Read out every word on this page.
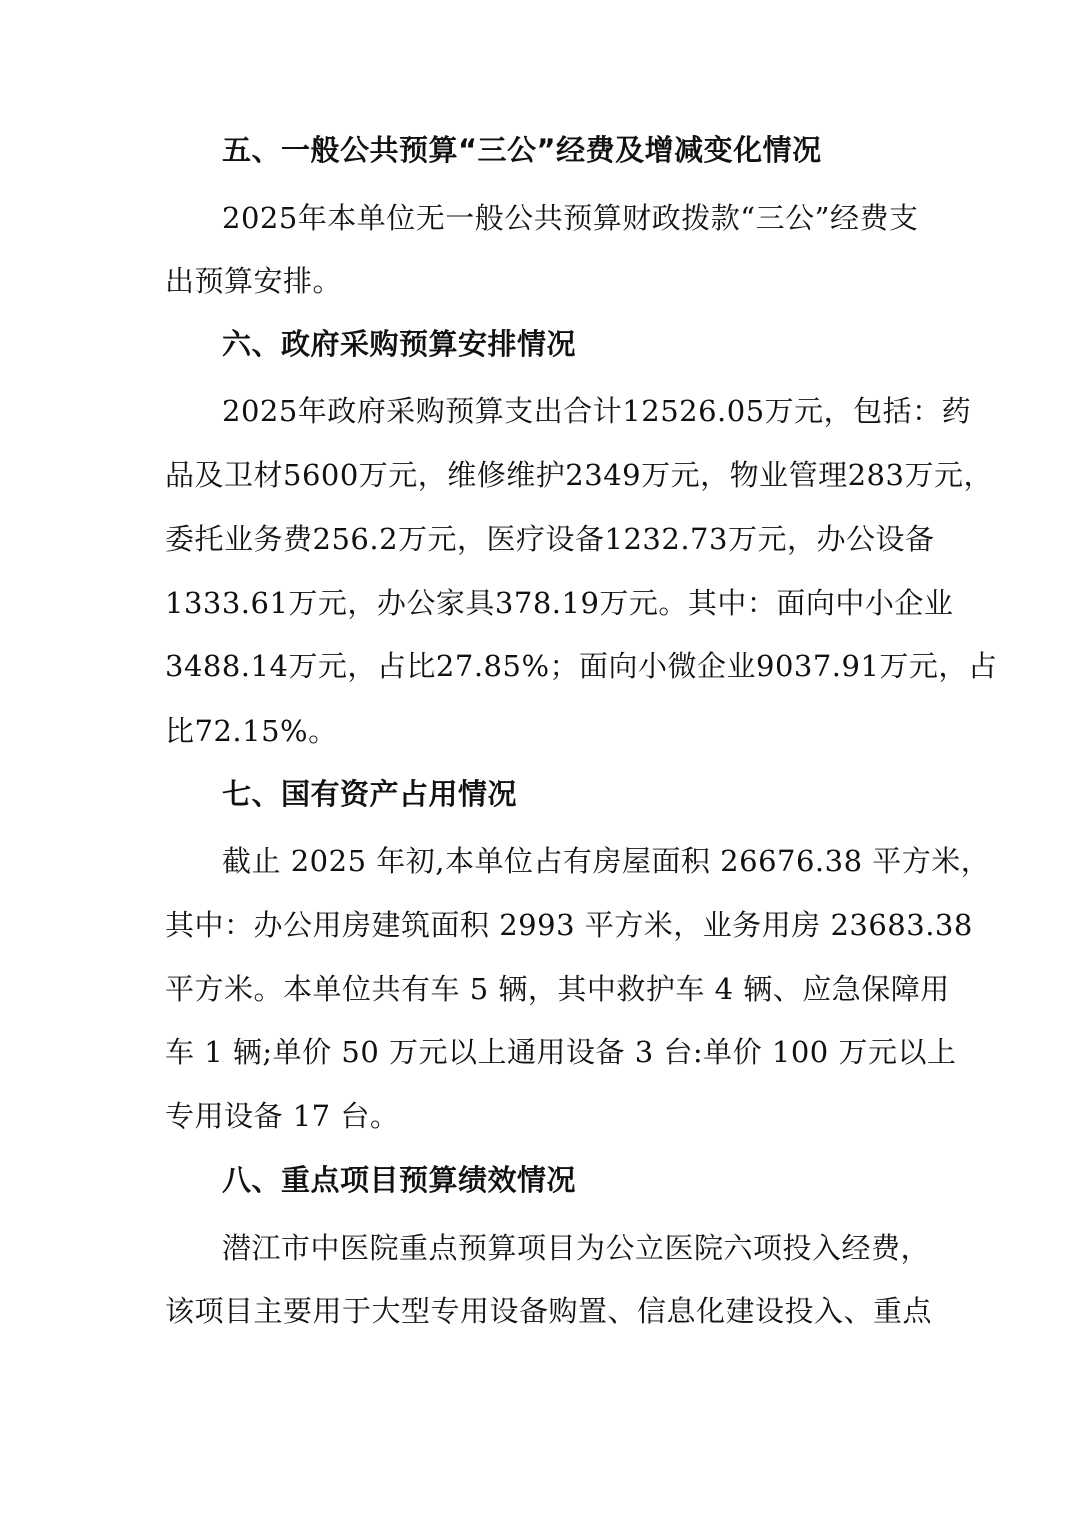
五、一般公共预算“三公”经费及增减变化情况
2025年本单位无一般公共预算财政拨款“三公”经费支
出预算安排。
六、政府采购预算安排情况
2025年政府采购预算支出合计12526.05万元，包括：药
品及卫材5600万元，维修维护2349万元，物业管理283万元，
委托业务费256.2万元，医疗设备1232.73万元，办公设备
1333.61万元，办公家具378.19万元。其中：面向中小企业
3488.14万元，占比27.85%；面向小微企业9037.91万元，占
比72.15%。
七、国有资产占用情况
截止 2025 年初,本单位占有房屋面积 26676.38 平方米，
其中：办公用房建筑面积 2993 平方米，业务用房 23683.38
平方米。本单位共有车 5 辆，其中救护车 4 辆、应急保障用
车 1 辆;单价 50 万元以上通用设备 3 台:单价 100 万元以上
专用设备 17 台。
八、重点项目预算绩效情况
潜江市中医院重点预算项目为公立医院六项投入经费，
该项目主要用于大型专用设备购置、信息化建设投入、重点
